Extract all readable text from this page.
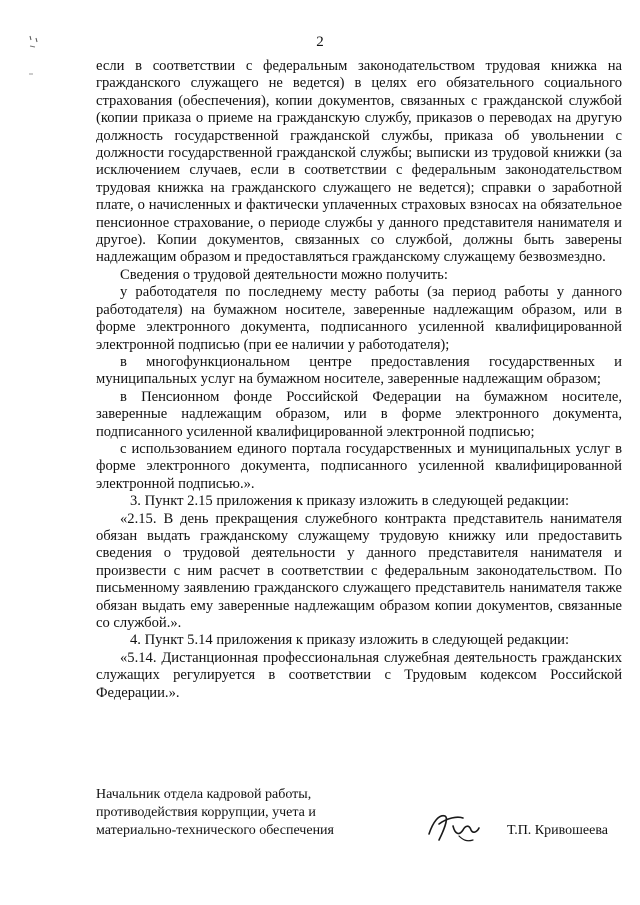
2

если в соответствии с федеральным законодательством трудовая книжка на гражданского служащего не ведется) в целях его обязательного социального страхования (обеспечения), копии документов, связанных с гражданской службой (копии приказа о приеме на гражданскую службу, приказов о переводах на другую должность государственной гражданской службы, приказа об увольнении с должности государственной гражданской службы; выписки из трудовой книжки (за исключением случаев, если в соответствии с федеральным законодательством трудовая книжка на гражданского служащего не ведется); справки о заработной плате, о начисленных и фактически уплаченных страховых взносах на обязательное пенсионное страхование, о периоде службы у данного представителя нанимателя и другое). Копии документов, связанных со службой, должны быть заверены надлежащим образом и предоставляться гражданскому служащему безвозмездно.

Сведения о трудовой деятельности можно получить:

у работодателя по последнему месту работы (за период работы у данного работодателя) на бумажном носителе, заверенные надлежащим образом, или в форме электронного документа, подписанного усиленной квалифицированной электронной подписью (при ее наличии у работодателя);

в многофункциональном центре предоставления государственных и муниципальных услуг на бумажном носителе, заверенные надлежащим образом;

в Пенсионном фонде Российской Федерации на бумажном носителе, заверенные надлежащим образом, или в форме электронного документа, подписанного усиленной квалифицированной электронной подписью;

с использованием единого портала государственных и муниципальных услуг в форме электронного документа, подписанного усиленной квалифицированной электронной подписью.».

3. Пункт 2.15 приложения к приказу изложить в следующей редакции:

«2.15. В день прекращения служебного контракта представитель нанимателя обязан выдать гражданскому служащему трудовую книжку или предоставить сведения о трудовой деятельности у данного представителя нанимателя и произвести с ним расчет в соответствии с федеральным законодательством. По письменному заявлению гражданского служащего представитель нанимателя также обязан выдать ему заверенные надлежащим образом копии документов, связанные со службой.».

4. Пункт 5.14 приложения к приказу изложить в следующей редакции:

«5.14. Дистанционная профессиональная служебная деятельность гражданских служащих регулируется в соответствии с Трудовым кодексом Российской Федерации.».

Начальник отдела кадровой работы,
противодействия коррупции, учета и
материально-технического обеспечения	Т.П. Кривошеева
